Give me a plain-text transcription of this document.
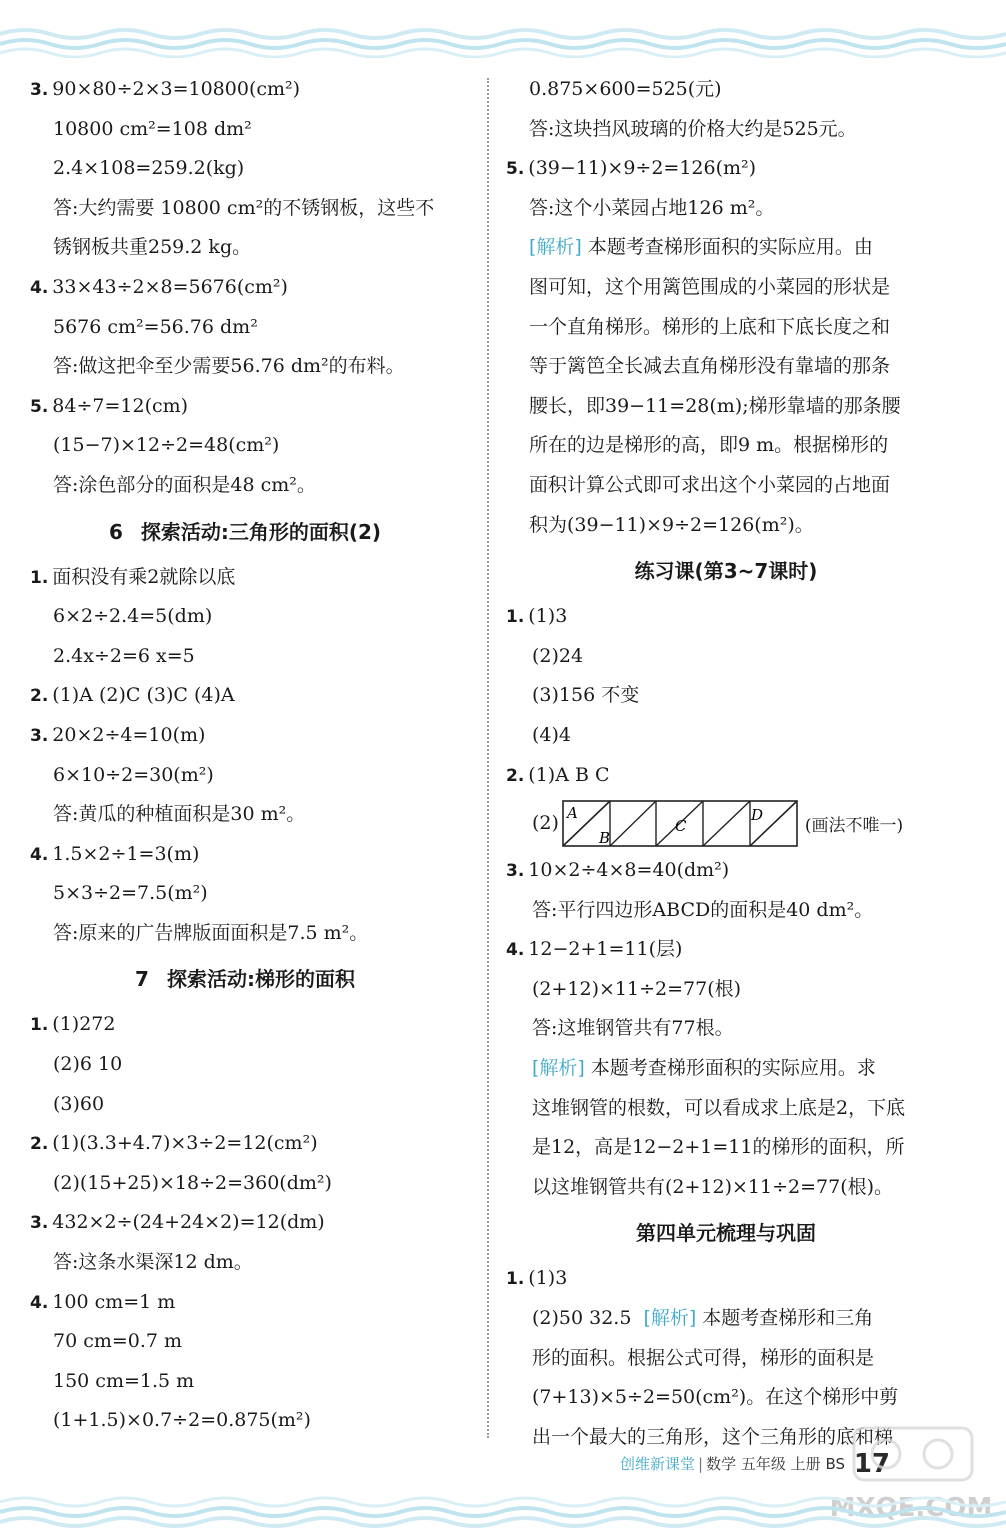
3. 90×80÷2×3=10800(cm²)
10800 cm²=108 dm²
2.4×108=259.2(kg)
答:大约需要 10800 cm²的不锈钢板，这些不
锈钢板共重259.2 kg。
4. 33×43÷2×8=5676(cm²)
5676 cm²=56.76 dm²
答:做这把伞至少需要56.76 dm²的布料。
5. 84÷7=12(cm)
(15−7)×12÷2=48(cm²)
答:涂色部分的面积是48 cm²。
6 探索活动:三角形的面积(2)
1. 面积没有乘2就除以底
6×2÷2.4=5(dm)
2.4x÷2=6 x=5
2. (1)A (2)C (3)C (4)A
3. 20×2÷4=10(m)
6×10÷2=30(m²)
答:黄瓜的种植面积是30 m²。
4. 1.5×2÷1=3(m)
5×3÷2=7.5(m²)
答:原来的广告牌版面面积是7.5 m²。
7 探索活动:梯形的面积
1. (1)272
(2)6 10
(3)60
2. (1)(3.3+4.7)×3÷2=12(cm²)
(2)(15+25)×18÷2=360(dm²)
3. 432×2÷(24+24×2)=12(dm)
答:这条水渠深12 dm。
4. 100 cm=1 m
70 cm=0.7 m
150 cm=1.5 m
(1+1.5)×0.7÷2=0.875(m²)
0.875×600=525(元)
答:这块挡风玻璃的价格大约是525元。
5. (39−11)×9÷2=126(m²)
答:这个小菜园占地126 m²。
[解析] 本题考查梯形面积的实际应用。由
图可知，这个用篱笆围成的小菜园的形状是
一个直角梯形。梯形的上底和下底长度之和
等于篱笆全长减去直角梯形没有靠墙的那条
腰长，即39−11=28(m);梯形靠墙的那条腰
所在的边是梯形的高，即9 m。根据梯形的
面积计算公式即可求出这个小菜园的占地面
积为(39−11)×9÷2=126(m²)。
练习课(第3~7课时)
1. (1)3
(2)24
(3)156 不变
(4)4
2. (1)A B C
(2) A
B
C
D
(画法不唯一)
3. 10×2÷4×8=40(dm²)
答:平行四边形ABCD的面积是40 dm²。
4. 12−2+1=11(层)
(2+12)×11÷2=77(根)
答:这堆钢管共有77根。
[解析] 本题考查梯形面积的实际应用。求
这堆钢管的根数，可以看成求上底是2，下底
是12，高是12−2+1=11的梯形的面积，所
以这堆钢管共有(2+12)×11÷2=77(根)。
第四单元梳理与巩固
1. (1)3
(2)50 32.5 [解析] 本题考查梯形和三角
形的面积。根据公式可得，梯形的面积是
(7+13)×5÷2=50(cm²)。在这个梯形中剪
出一个最大的三角形，这个三角形的底和梯
创维新课堂 | 数学 五年级 上册 BS 17
MXQE.COM
